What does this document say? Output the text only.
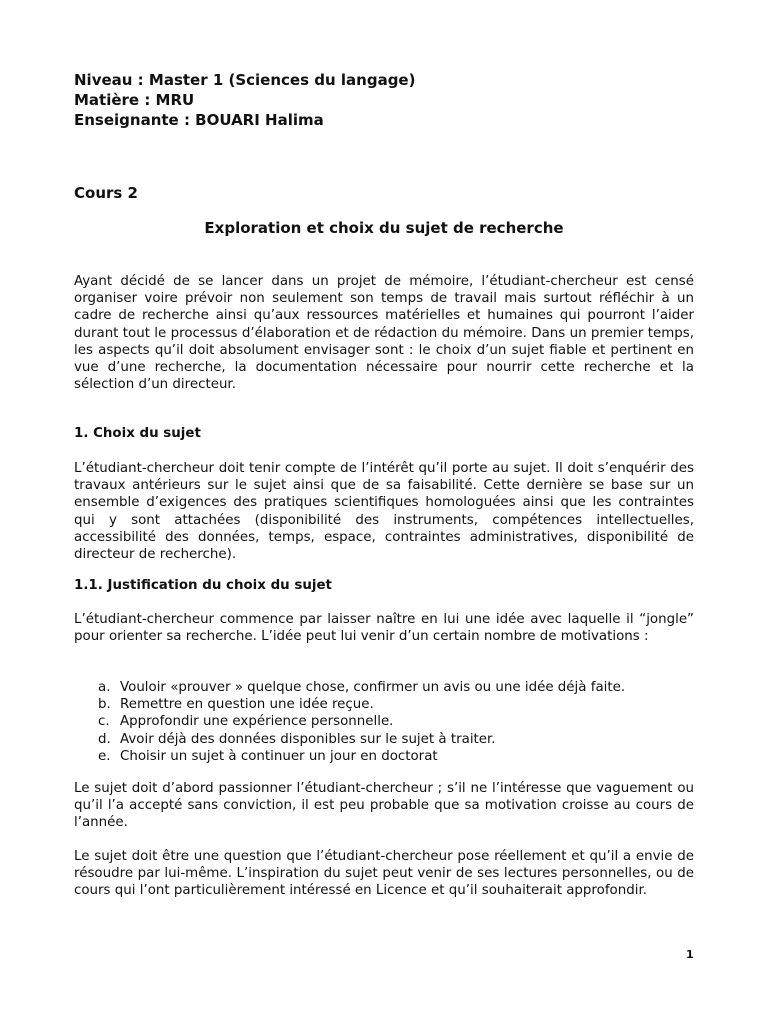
Niveau : Master 1 (Sciences du langage)
Matière : MRU
Enseignante : BOUARI Halima
Cours 2
Exploration et choix du sujet de recherche

Ayant décidé de se lancer dans un projet de mémoire, l’étudiant-chercheur est censé organiser voire prévoir non seulement son temps de travail mais surtout réfléchir à un cadre de recherche ainsi qu’aux ressources matérielles et humaines qui pourront l’aider durant tout le processus d’élaboration et de rédaction du mémoire. Dans un premier temps, les aspects qu’il doit absolument envisager sont : le choix d’un sujet fiable et pertinent en vue d’une recherche, la documentation nécessaire pour nourrir cette recherche et la sélection d’un directeur.

1. Choix du sujet

L’étudiant-chercheur doit tenir compte de l’intérêt qu’il porte au sujet. Il doit s’enquérir des travaux antérieurs sur le sujet ainsi que de sa faisabilité. Cette dernière se base sur un ensemble d’exigences des pratiques scientifiques homologuées ainsi que les contraintes qui y sont attachées (disponibilité des instruments, compétences intellectuelles, accessibilité des données, temps, espace, contraintes administratives, disponibilité de directeur de recherche).

1.1. Justification du choix du sujet

L’étudiant-chercheur commence par laisser naître en lui une idée avec laquelle il “jongle” pour orienter sa recherche. L’idée peut lui venir d’un certain nombre de motivations :

a. Vouloir «prouver » quelque chose, confirmer un avis ou une idée déjà faite.
b. Remettre en question une idée reçue.
c. Approfondir une expérience personnelle.
d. Avoir déjà des données disponibles sur le sujet à traiter.
e. Choisir un sujet à continuer un jour en doctorat

Le sujet doit d’abord passionner l’étudiant-chercheur ; s’il ne l’intéresse que vaguement ou qu’il l’a accepté sans conviction, il est peu probable que sa motivation croisse au cours de l’année.

Le sujet doit être une question que l’étudiant-chercheur pose réellement et qu’il a envie de résoudre par lui-même. L’inspiration du sujet peut venir de ses lectures personnelles, ou de cours qui l’ont particulièrement intéressé en Licence et qu’il souhaiterait approfondir.

1
